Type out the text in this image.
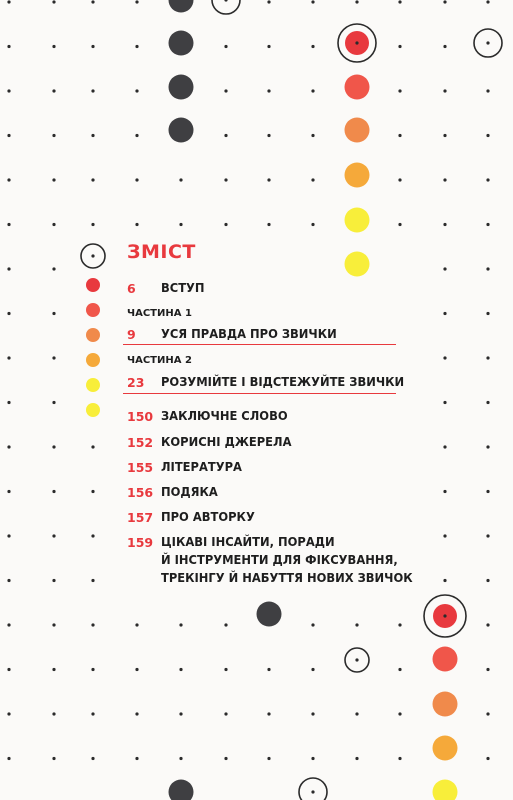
ЗМІСТ
6 ВСТУП
ЧАСТИНА 1
9 УСЯ ПРАВДА ПРО ЗВИЧКИ
ЧАСТИНА 2
23 РОЗУМІЙТЕ І ВІДСТЕЖУЙТЕ ЗВИЧКИ
150 ЗАКЛЮЧНЕ СЛОВО
152 КОРИСНІ ДЖЕРЕЛА
155 ЛІТЕРАТУРА
156 ПОДЯКА
157 ПРО АВТОРКУ
159 ЦІКАВІ ІНСАЙТИ, ПОРАДИ
Й ІНСТРУМЕНТИ ДЛЯ ФІКСУВАННЯ,
ТРЕКІНГУ Й НАБУТТЯ НОВИХ ЗВИЧОК
